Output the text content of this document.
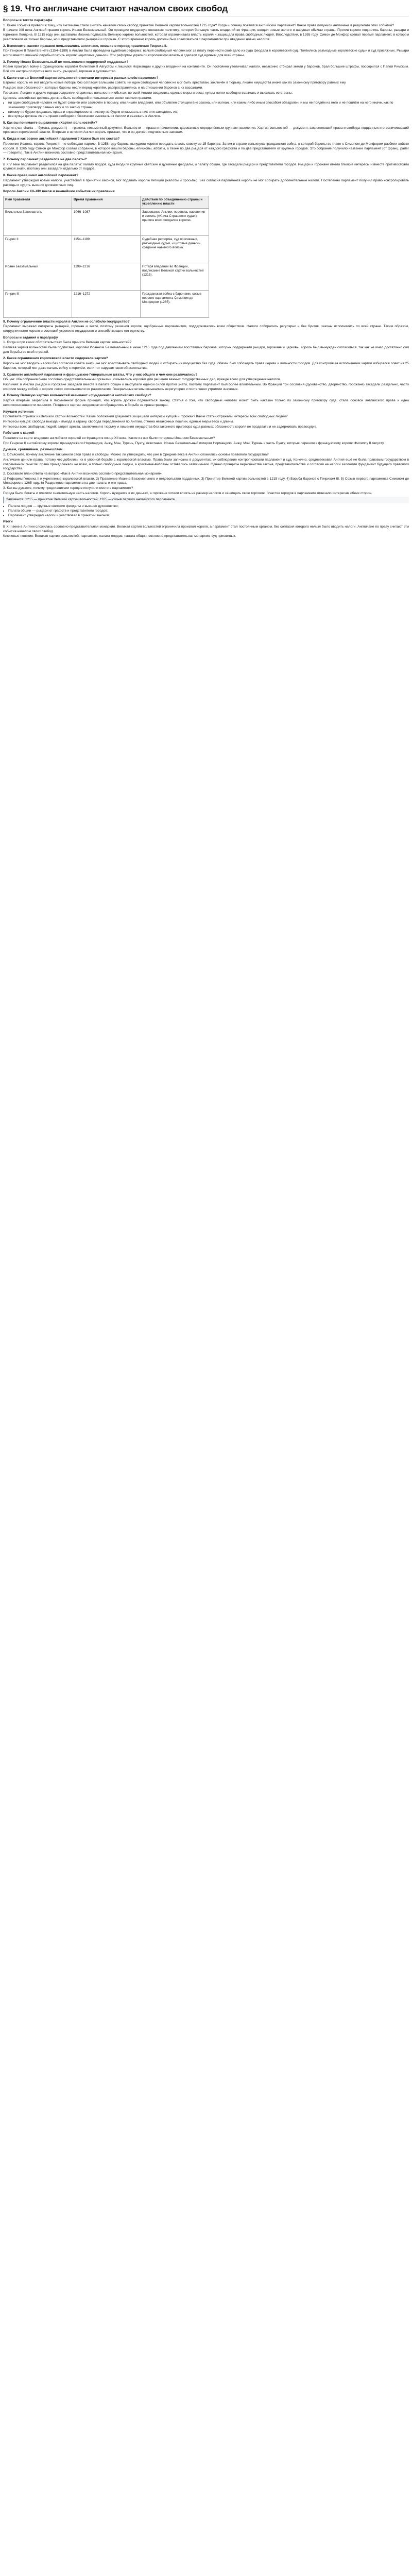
§ 19. Что англичане считают началом своих свобод
Вопросы в тексте параграфа

1. Какие события привели к тому, что англичане стали считать началом своих свобод принятие Великой хартии вольностей 1215 года? Когда и почему появился английский парламент? Какие права получили англичане в результате этих событий?

В начале XIII века Англией правил король Иоанн Безземельный. Он проводил неудачную внешнюю политику, потерял большую часть владений во Франции, вводил новые налоги и нарушал обычаи страны. Против короля поднялись бароны, рыцари и горожане Лондона. В 1215 году они заставили Иоанна подписать Великую хартию вольностей, которая ограничивала власть короля и защищала права свободных людей. Впоследствии, в 1265 году, Симон де Монфор созвал первый парламент, в котором участвовали не только бароны, но и представители рыцарей и горожан. С этого времени король должен был советоваться с парламентом при введении новых налогов.

2. Вспомните, какими правами пользовались англичане, жившие в период правления Генриха II.

При Генрихе II Плантагенете (1154–1189) в Англии была проведена судебная реформа: всякий свободный человек мог за плату перенести своё дело из суда феодала в королевский суд. Появились разъездные королевские судьи и суд присяжных. Рыцари могли вместо военной службы платить королю «щитовые деньги». Эти реформы укрепили королевскую власть и сделали суд единым для всей страны.

3. Почему Иоанн Безземельный не пользовался поддержкой подданных?

Иоанн проиграл войну с французским королём Филиппом II Августом и лишился Нормандии и других владений на континенте. Он постоянно увеличивал налоги, незаконно отбирал земли у баронов, брал большие штрафы, поссорился с Папой Римским. Всё это настроило против него знать, рыцарей, горожан и духовенство.

4. Какие статьи Великой хартии вольностей отвечали интересам разных слоёв населения?

Бароны: король не мог вводить новые поборы без согласия Большого совета; ни один свободный человек не мог быть арестован, заключён в тюрьму, лишён имущества иначе как по законному приговору равных ему.

Рыцари: все обязанности, которые бароны несли перед королём, распространялись и на отношения баронов с их вассалами.

Горожане: Лондон и другие города сохраняли старинные вольности и обычаи; по всей Англии вводились единые меры и весы; купцы могли свободно въезжать и выезжать из страны.

Церковь: английская церковь должна быть свободной и пользоваться всеми своими правами.

• ни один свободный человек не будет схвачен или заключён в тюрьму, или лишён владения, или объявлен стоящим вне закона, или изгнан, или каким-либо иным способом обездолен, и мы не пойдём на него и не пошлём на него иначе, как по законному приговору равных ему и по закону страны;
• никому не будем продавать права и справедливости, никому не будем отказывать в них или замедлять их;
• все купцы должны иметь право свободно и безопасно выезжать из Англии и въезжать в Англию.
5. Как вы понимаете выражение «Хартия вольностей»?

Хартия (лат. charta — бумага, документ) — грамота, письменный документ. Вольности — права и привилегии, дарованные определённым группам населения. Хартия вольностей — документ, закреплявший права и свободы подданных и ограничивавший произвол королевской власти. Впервые в истории Англии король признал, что и он должен подчиняться законам.

6. Когда и как возник английский парламент? Каким был его состав?

Преемник Иоанна, король Генрих III, не соблюдал хартию. В 1258 году бароны вынудили короля передать власть совету из 15 баронов. Затем в стране вспыхнула гражданская война, в которой бароны во главе с Симоном де Монфором разбили войско короля. В 1265 году Симон де Монфор созвал собрание, в которое вошли бароны, епископы, аббаты, а также по два рыцаря от каждого графства и по два представителя от крупных городов. Это собрание получило название парламент (от франц. parler — говорить). Так в Англии возникла сословно-представительная монархия.

7. Почему парламент разделился на две палаты?

В XIV веке парламент разделился на две палаты: палату лордов, куда входили крупные светские и духовные феодалы, и палату общин, где заседали рыцари и представители городов. Рыцари и горожане имели близкие интересы и вместе противостояли крупной знати, поэтому они заседали отдельно от лордов.

8. Какие права имел английский парламент?

Парламент утверждал новые налоги, участвовал в принятии законов, мог подавать королю петиции (жалобы и просьбы). Без согласия парламента король не мог собирать дополнительные налоги. Постепенно парламент получил право контролировать расходы и судить высших должностных лиц.

Короли Англии XII–XIV веков и важнейшие события их правления
Имя правителя	Время правления	Действия по объединению страны и укреплению власти
Вильгельм Завоеватель	1066–1087	Завоевание Англии, перепись населения и земель («Книга Страшного суда»), присяга всех феодалов королю.
Генрих II	1154–1189	Судебная реформа, суд присяжных, разъездные судьи, «щитовые деньги», создание наёмного войска.
Иоанн Безземельный	1199–1216	Потеря владений во Франции, подписание Великой хартии вольностей (1215).
Генрих III	1216–1272	Гражданская война с баронами, созыв первого парламента Симоном де Монфором (1265).
9. Почему ограничение власти короля в Англии не ослабило государство?

Парламент выражал интересы рыцарей, горожан и знати, поэтому решения короля, одобренные парламентом, поддерживались всем обществом. Налоги собирались регулярно и без бунтов, законы исполнялись по всей стране. Таким образом, сотрудничество короля и сословий укрепило государство и способствовало его единству.

Вопросы и задания к параграфу

1. Когда и при каких обстоятельствах была принята Великая хартия вольностей?

Великая хартия вольностей была подписана королём Иоанном Безземельным в июне 1215 года под давлением восставших баронов, которых поддержали рыцари, горожане и церковь. Король был вынужден согласиться, так как не имел достаточно сил для борьбы со всей страной.

2. Какие ограничения королевской власти содержала хартия?

Король не мог вводить налоги без согласия совета знати, не мог арестовывать свободных людей и отбирать их имущество без суда, обязан был соблюдать права церкви и вольности городов. Для контроля за исполнением хартии избирался совет из 25 баронов, который мог даже начать войну с королём, если тот нарушит свои обязательства.

3. Сравните английский парламент и французские Генеральные штаты. Что у них общего и чем они различались?

Общее: оба собрания были сословно-представительными органами, созывались королём для решения важных государственных дел, прежде всего для утверждения налогов.

Различия: в Англии рыцари и горожане заседали вместе в палате общин и выступали единой силой против знати, поэтому парламент был более влиятельным. Во Франции три сословия (духовенство, дворянство, горожане) заседали раздельно, часто спорили между собой, и короли легко использовали их разногласия. Генеральные штаты созывались нерегулярно и постепенно утратили значение.

4. Почему Великую хартию вольностей называют «фундаментом английских свобод»?

Хартия впервые закрепила в письменной форме принцип, что король должен подчиняться закону. Статья о том, что свободный человек может быть наказан только по законному приговору суда, стала основой английского права и идеи неприкосновенности личности. Позднее к хартии неоднократно обращались в борьбе за права граждан.

Изучаем источник

Прочитайте отрывок из Великой хартии вольностей. Какие положения документа защищали интересы купцов и горожан? Какие статьи отражали интересы всех свободных людей?

Интересы купцов: свобода выезда и въезда в страну, свобода передвижения по Англии, отмена незаконных пошлин, единые меры веса и длины.

Интересы всех свободных людей: запрет ареста, заключения в тюрьму и лишения имущества без законного приговора суда равных; обязанность короля не продавать и не задерживать правосудие.

Работаем с картой

Покажите на карте владения английских королей во Франции в конце XII века. Какие из них были потеряны Иоанном Безземельным?

При Генрихе II английскому королю принадлежали Нормандия, Анжу, Мэн, Турень, Пуату, Аквитания. Иоанн Безземельный потерял Нормандию, Анжу, Мэн, Турень и часть Пуату, которые перешли к французскому королю Филиппу II Августу.

Думаем, сравниваем, размышляем

1. Объясните, почему англичане так ценили свои права и свободы. Можно ли утверждать, что уже в Средние века в Англии сложились основы правового государства?

Англичане ценили права, потому что добились их в упорной борьбе с королевской властью. Права были записаны в документах, их соблюдение контролировали парламент и суд. Конечно, средневековая Англия ещё не была правовым государством в современном смысле: права принадлежали не всем, а только свободным людям, а крестьяне-вилланы оставались зависимыми. Однако принципы верховенства закона, представительства и согласия на налоги заложили фундамент будущего правового государства.

2. Составьте план ответа на вопрос «Как в Англии возникла сословно-представительная монархия».

1) Реформы Генриха II и укрепление королевской власти. 2) Правление Иоанна Безземельного и недовольство подданных. 3) Принятие Великой хартии вольностей в 1215 году. 4) Борьба баронов с Генрихом III. 5) Созыв первого парламента Симоном де Монфором в 1265 году. 6) Разделение парламента на две палаты и его права.

3. Как вы думаете, почему представители городов получили место в парламенте?

Города были богаты и платили значительную часть налогов. Король нуждался в их деньгах, а горожане хотели влиять на размер налогов и защищать свою торговлю. Участие городов в парламенте отвечало интересам обеих сторон.

Запомните: 1215 — принятие Великой хартии вольностей; 1265 — созыв первого английского парламента.
• Палата лордов — крупные светские феодалы и высшее духовенство;
• Палата общин — рыцари от графств и представители городов;
• Парламент утверждал налоги и участвовал в принятии законов.
Итоги

В XIII веке в Англии сложилась сословно-представительная монархия. Великая хартия вольностей ограничила произвол короля, а парламент стал постоянным органом, без согласия которого нельзя было вводить налоги. Англичане по праву считают эти события началом своих свобод.

Ключевые понятия: Великая хартия вольностей, парламент, палата лордов, палата общин, сословно-представительная монархия, суд присяжных.
